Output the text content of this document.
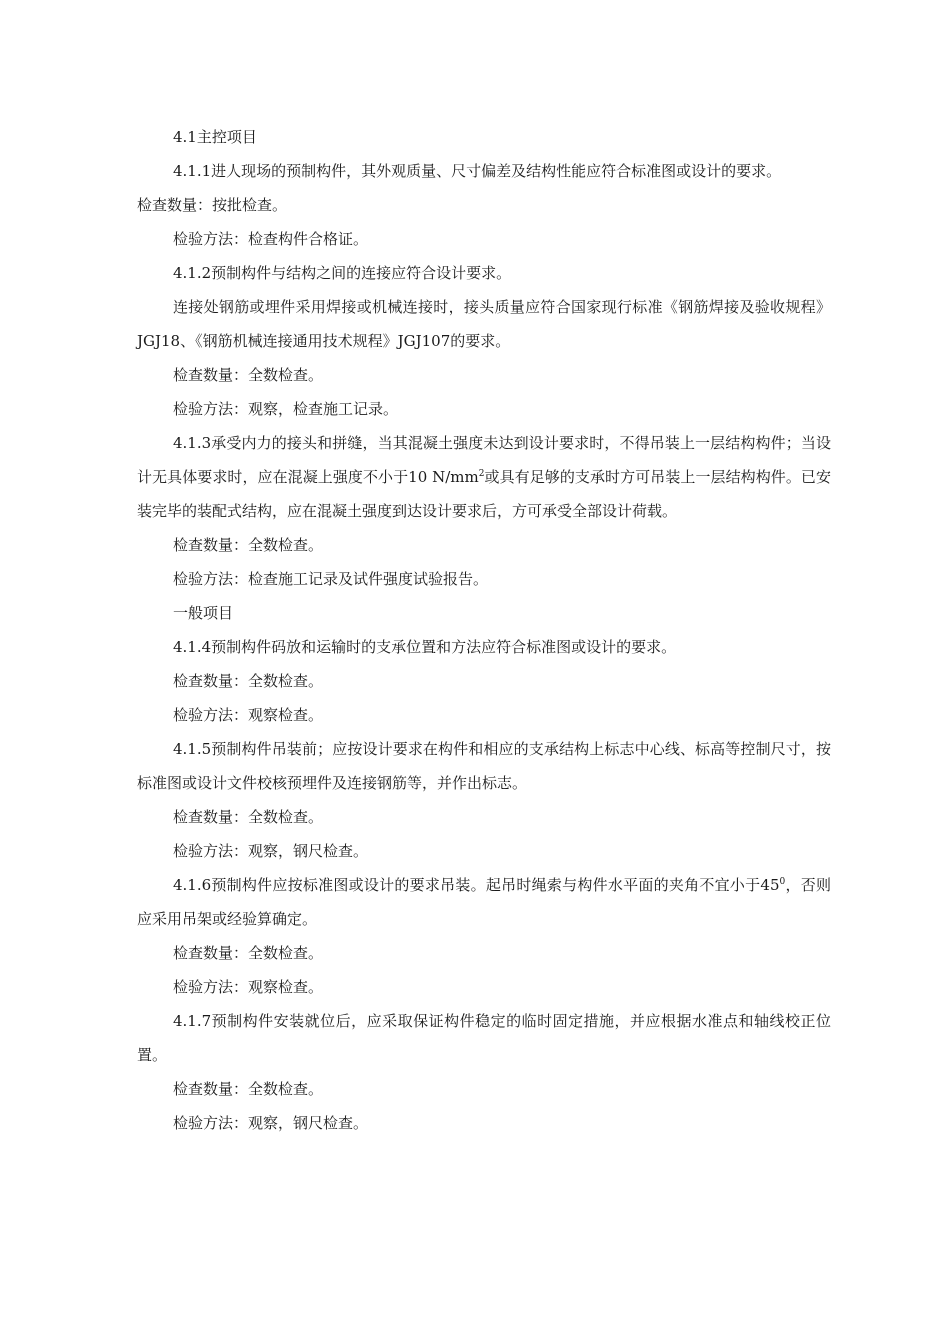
4.1主控项目

4.1.1进人现场的预制构件，其外观质量、尺寸偏差及结构性能应符合标准图或设计的要求。

检查数量：按批检查。

检验方法：检查构件合格证。

4.1.2预制构件与结构之间的连接应符合设计要求。

连接处钢筋或埋件采用焊接或机械连接时，接头质量应符合国家现行标准《钢筋焊接及验收规程》JGJ18、《钢筋机械连接通用技术规程》JGJ107的要求。

检查数量：全数检查。

检验方法：观察，检查施工记录。

4.1.3承受内力的接头和拼缝，当其混凝土强度未达到设计要求时，不得吊装上一层结构构件；当设计无具体要求时，应在混凝上强度不小于10 $N/mm^2$或具有足够的支承时方可吊装上一层结构构件。已安装完毕的装配式结构，应在混凝土强度到达设计要求后，方可承受全部设计荷载。

检查数量：全数检查。

检验方法：检查施工记录及试件强度试验报告。

一般项目

4.1.4预制构件码放和运输时的支承位置和方法应符合标准图或设计的要求。

检查数量：全数检查。

检验方法：观察检查。

4.1.5预制构件吊装前；应按设计要求在构件和相应的支承结构上标志中心线、标高等控制尺寸，按标准图或设计文件校核预埋件及连接钢筋等，并作出标志。

检查数量：全数检查。

检验方法：观察，钢尺检查。

4.1.6预制构件应按标准图或设计的要求吊装。起吊时绳索与构件水平面的夹角不宜小于$45^0$，否则应采用吊架或经验算确定。

检查数量：全数检查。

检验方法：观察检查。

4.1.7预制构件安装就位后，应采取保证构件稳定的临时固定措施，并应根据水准点和轴线校正位置。

检查数量：全数检查。

检验方法：观察，钢尺检查。
